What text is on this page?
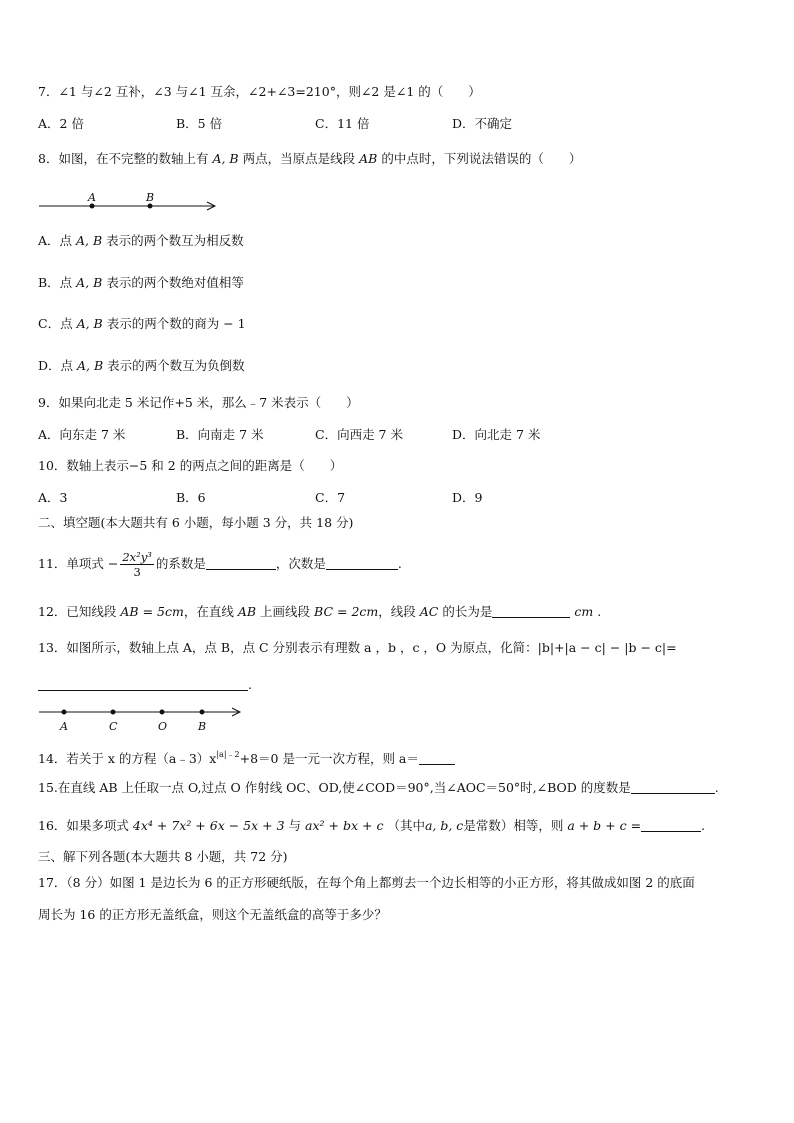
7．∠1 与∠2 互补，∠3 与∠1 互余，∠2+∠3=210°，则∠2 是∠1 的（　　）
A．2 倍	B．5 倍	C．11 倍	D．不确定
8．如图，在不完整的数轴上有 A, B 两点，当原点是线段 AB 的中点时，下列说法错误的（　　）
A	B
A．点 A, B 表示的两个数互为相反数
B．点 A, B 表示的两个数绝对值相等
C．点 A, B 表示的两个数的商为 − 1
D．点 A, B 表示的两个数互为负倒数
9．如果向北走 5 米记作+5 米，那么﹣7 米表示（　　）
A．向东走 7 米	B．向南走 7 米	C．向西走 7 米	D．向北走 7 米
10．数轴上表示−5 和 2 的两点之间的距离是（　　）
A．3	B．6	C．7	D．9
二、填空题(本大题共有 6 小题，每小题 3 分，共 18 分)
11．单项式 − $\frac{\text{2x²y³}}{3}$ 的系数是	，次数是	.
12．已知线段 AB = 5cm，在直线 AB 上画线段 BC = 2cm，线段 AC 的长为是	cm .
13．如图所示，数轴上点 A，点 B，点 C 分别表示有理数 a ，b ，c ，O 为原点，化简：|b|+|a − c| − |b − c|=
.
A	C	O	B
14．若关于 x 的方程$(a﹣3)x^{|a|﹣2}+8=0$ 是一元一次方程，则 a＝
15.在直线 AB 上任取一点 O,过点 O 作射线 OC、OD,使∠COD＝90°,当∠AOC＝50°时,∠BOD 的度数是	.
16．如果多项式 4x⁴ + 7x² + 6x − 5x + 3 与 ax² + bx + c （其中a, b, c是常数）相等，则 a + b + c =	.
三、解下列各题(本大题共 8 小题，共 72 分)
17．（8 分）如图 1 是边长为 6 的正方形硬纸版，在每个角上都剪去一个边长相等的小正方形，将其做成如图 2 的底面
周长为 16 的正方形无盖纸盒，则这个无盖纸盒的高等于多少？
